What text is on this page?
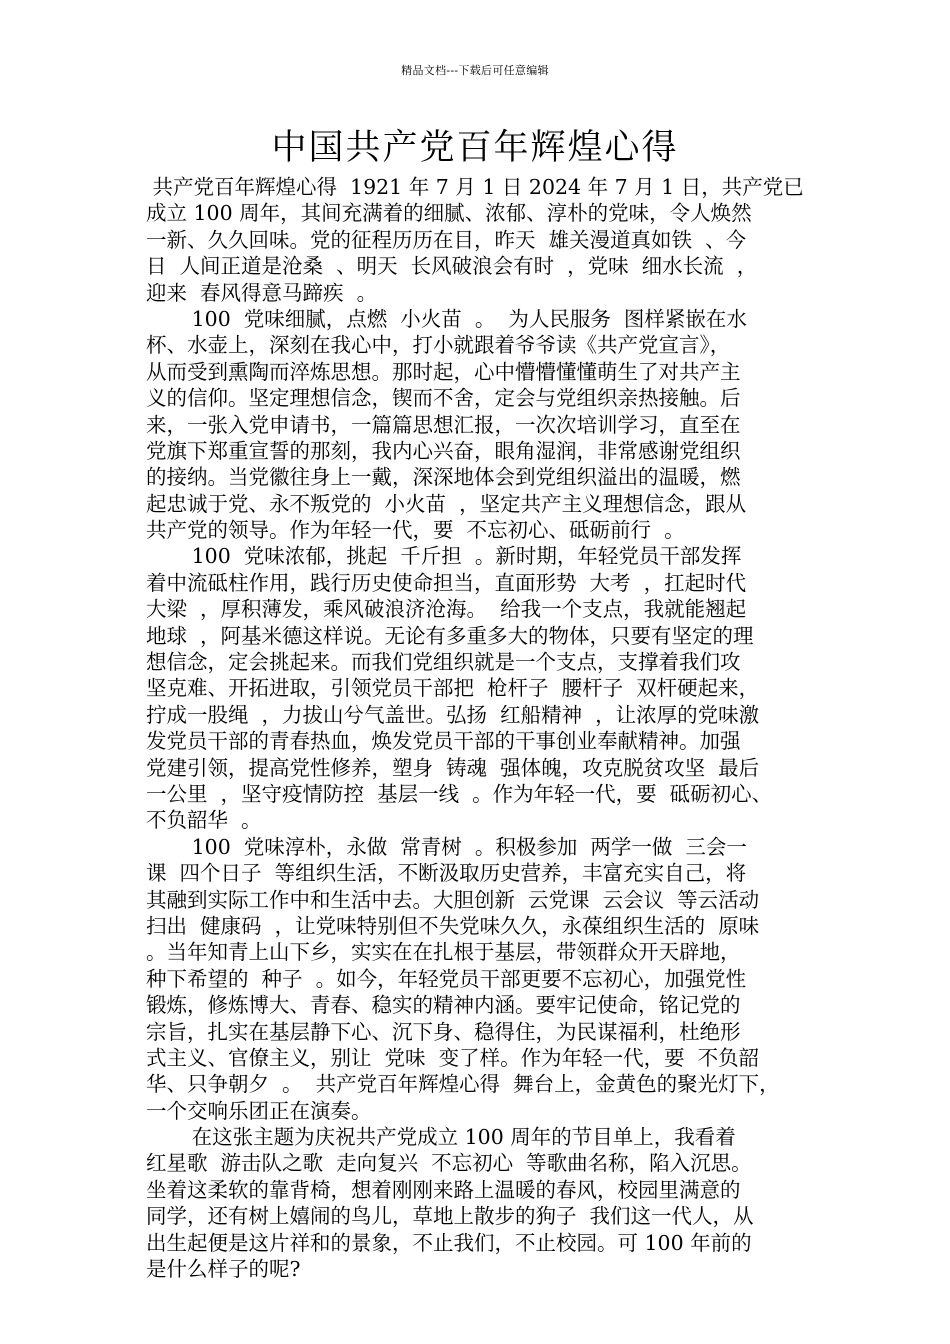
精品文档---下载后可任意编辑
中国共产党百年辉煌心得
共产党百年辉煌心得  1921 年 7 月 1 日 2024 年 7 月 1 日，共产党已
成立 100 周年，其间充满着的细腻、浓郁、淳朴的党味，令人焕然
一新、久久回味。党的征程历历在目，昨天  雄关漫道真如铁  、今
日  人间正道是沧桑  、明天  长风破浪会有时  ，党味  细水长流  ，
迎来  春风得意马蹄疾  。
100  党味细腻，点燃  小火苗  。  为人民服务  图样紧嵌在水
杯、水壶上，深刻在我心中，打小就跟着爷爷读《共产党宣言》，
从而受到熏陶而淬炼思想。那时起，心中懵懵懂懂萌生了对共产主
义的信仰。坚定理想信念，锲而不舍，定会与党组织亲热接触。后
来，一张入党申请书，一篇篇思想汇报，一次次培训学习，直至在
党旗下郑重宣誓的那刻，我内心兴奋，眼角湿润，非常感谢党组织
的接纳。当党徽往身上一戴，深深地体会到党组织溢出的温暖，燃
起忠诚于党、永不叛党的  小火苗  ，坚定共产主义理想信念，跟从
共产党的领导。作为年轻一代，要  不忘初心、砥砺前行  。
100  党味浓郁，挑起  千斤担  。新时期，年轻党员干部发挥
着中流砥柱作用，践行历史使命担当，直面形势  大考  ，扛起时代
大梁  ，厚积薄发，乘风破浪济沧海。  给我一个支点，我就能翘起
地球  ，阿基米德这样说。无论有多重多大的物体，只要有坚定的理
想信念，定会挑起来。而我们党组织就是一个支点，支撑着我们攻
坚克难、开拓进取，引领党员干部把  枪杆子  腰杆子  双杆硬起来，
拧成一股绳  ，力拔山兮气盖世。弘扬  红船精神  ，让浓厚的党味激
发党员干部的青春热血，焕发党员干部的干事创业奉献精神。加强
党建引领，提高党性修养，塑身  铸魂  强体魄，攻克脱贫攻坚  最后
一公里  ，坚守疫情防控  基层一线  。作为年轻一代，要  砥砺初心、
不负韶华  。
100  党味淳朴，永做  常青树  。积极参加  两学一做  三会一
课  四个日子  等组织生活，不断汲取历史营养，丰富充实自己，将
其融到实际工作中和生活中去。大胆创新  云党课  云会议  等云活动
扫出  健康码  ，让党味特别但不失党味久久，永葆组织生活的  原味
。当年知青上山下乡，实实在在扎根于基层，带领群众开天辟地，
种下希望的  种子  。如今，年轻党员干部更要不忘初心，加强党性
锻炼，修炼博大、青春、稳实的精神内涵。要牢记使命，铭记党的
宗旨，扎实在基层静下心、沉下身、稳得住，为民谋福利，杜绝形
式主义、官僚主义，别让  党味  变了样。作为年轻一代，要  不负韶
华、只争朝夕  。  共产党百年辉煌心得  舞台上，金黄色的聚光灯下，
一个交响乐团正在演奏。
在这张主题为庆祝共产党成立 100 周年的节目单上，我看着
红星歌  游击队之歌  走向复兴  不忘初心  等歌曲名称，陷入沉思。
坐着这柔软的靠背椅，想着刚刚来路上温暖的春风，校园里满意的
同学，还有树上嬉闹的鸟儿，草地上散步的狗子  我们这一代人，从
出生起便是这片祥和的景象，不止我们，不止校园。可 100 年前的
是什么样子的呢?
